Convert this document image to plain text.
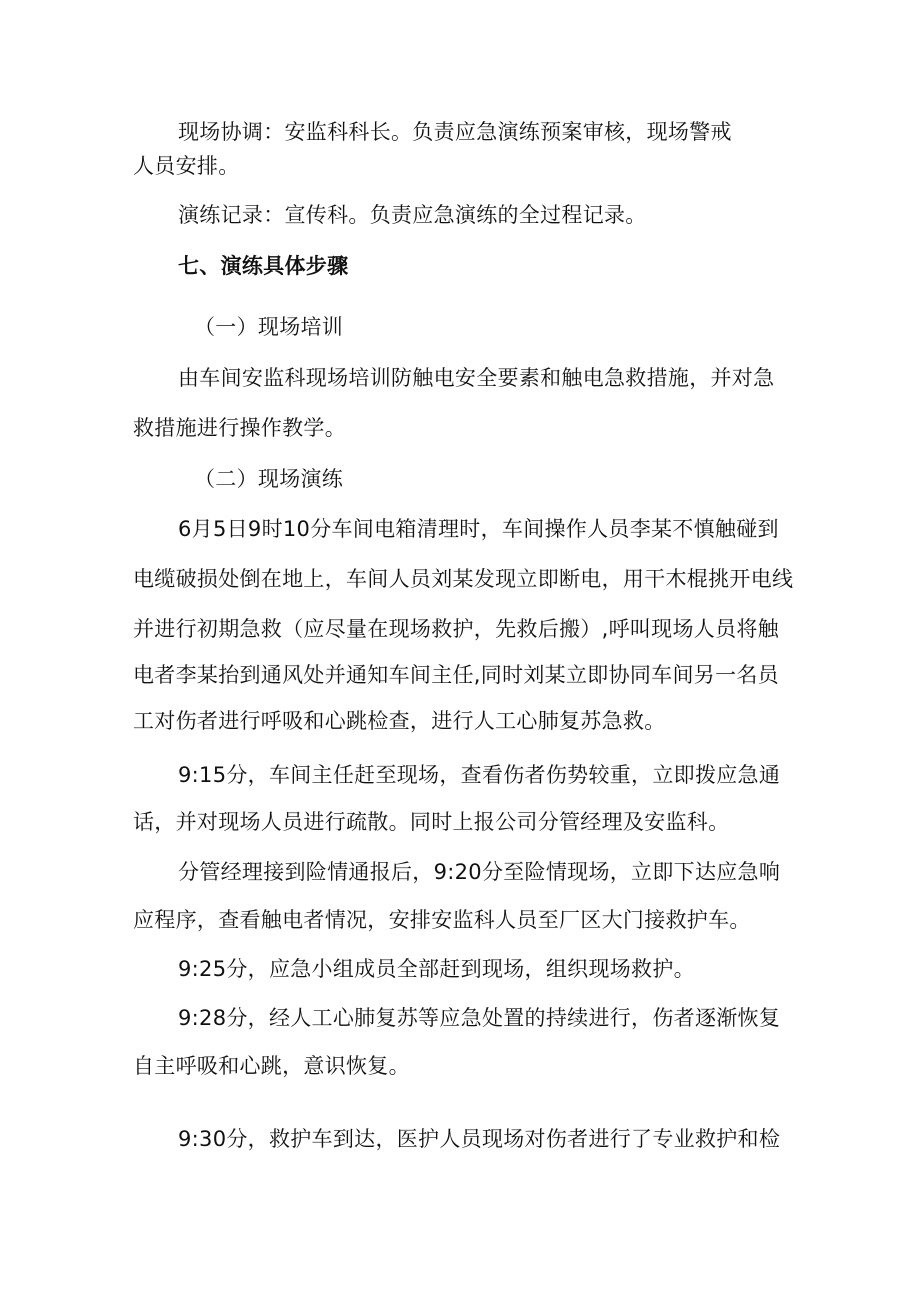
现场协调：安监科科长。负责应急演练预案审核，现场警戒
人员安排。
演练记录：宣传科。负责应急演练的全过程记录。
七、演练具体步骤
（一）现场培训
由车间安监科现场培训防触电安全要素和触电急救措施，并对急
救措施进行操作教学。
（二）现场演练
6月5日9时10分车间电箱清理时，车间操作人员李某不慎触碰到
电缆破损处倒在地上，车间人员刘某发现立即断电，用干木棍挑开电线
并进行初期急救（应尽量在现场救护，先救后搬）,呼叫现场人员将触
电者李某抬到通风处并通知车间主任,同时刘某立即协同车间另一名员
工对伤者进行呼吸和心跳检查，进行人工心肺复苏急救。
9:15分，车间主任赶至现场，查看伤者伤势较重，立即拨应急通
话，并对现场人员进行疏散。同时上报公司分管经理及安监科。
分管经理接到险情通报后，9:20分至险情现场，立即下达应急响
应程序，查看触电者情况，安排安监科人员至厂区大门接救护车。
9:25分，应急小组成员全部赶到现场，组织现场救护。
9:28分，经人工心肺复苏等应急处置的持续进行，伤者逐渐恢复
自主呼吸和心跳，意识恢复。
9:30分，救护车到达，医护人员现场对伤者进行了专业救护和检
